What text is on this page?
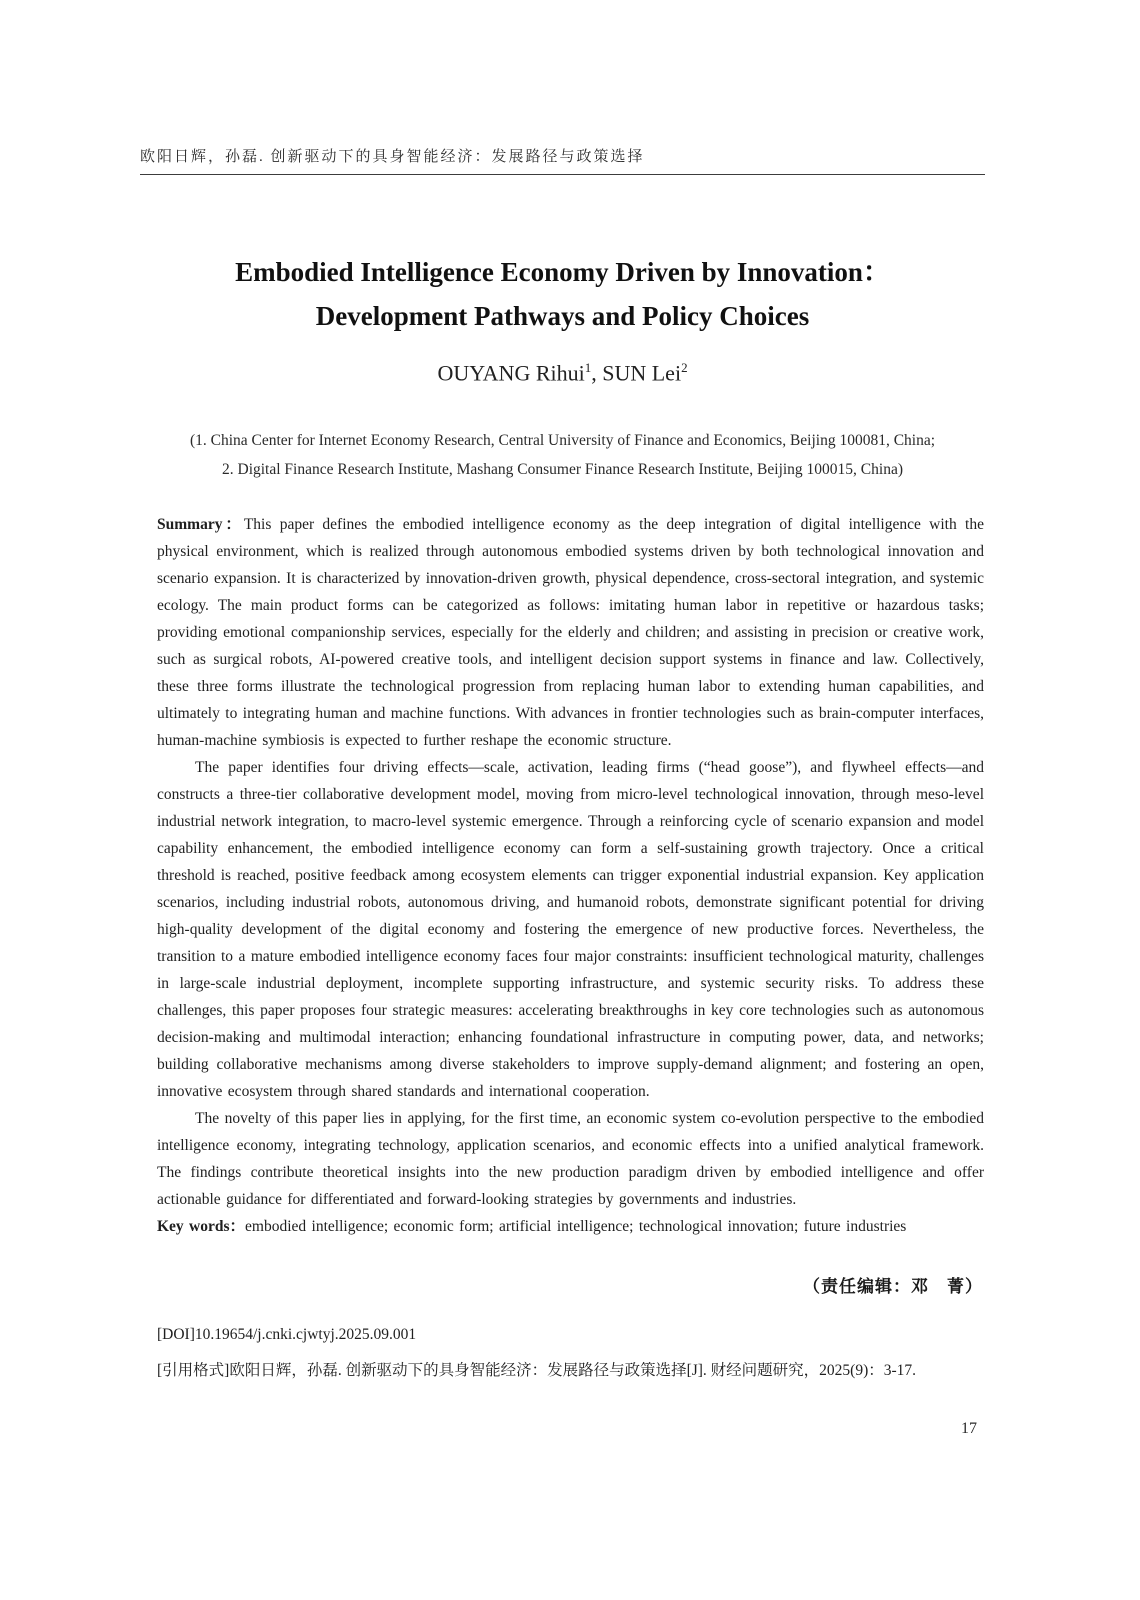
欧阳日辉，孙磊. 创新驱动下的具身智能经济：发展路径与政策选择
Embodied Intelligence Economy Driven by Innovation：
Development Pathways and Policy Choices
OUYANG Rihui$^1$, SUN Lei$^2$
(1. China Center for Internet Economy Research, Central University of Finance and Economics, Beijing 100081, China;
2. Digital Finance Research Institute, Mashang Consumer Finance Research Institute, Beijing 100015, China)

Summary：This paper defines the embodied intelligence economy as the deep integration of digital intelligence with the physical environment, which is realized through autonomous embodied systems driven by both technological innovation and scenario expansion. It is characterized by innovation-driven growth, physical dependence, cross-sectoral integration, and systemic ecology. The main product forms can be categorized as follows: imitating human labor in repetitive or hazardous tasks; providing emotional companionship services, especially for the elderly and children; and assisting in precision or creative work, such as surgical robots, AI-powered creative tools, and intelligent decision support systems in finance and law. Collectively, these three forms illustrate the technological progression from replacing human labor to extending human capabilities, and ultimately to integrating human and machine functions. With advances in frontier technologies such as brain-computer interfaces, human-machine symbiosis is expected to further reshape the economic structure.

The paper identifies four driving effects—scale, activation, leading firms (“head goose”), and flywheel effects—and constructs a three-tier collaborative development model, moving from micro-level technological innovation, through meso-level industrial network integration, to macro-level systemic emergence. Through a reinforcing cycle of scenario expansion and model capability enhancement, the embodied intelligence economy can form a self-sustaining growth trajectory. Once a critical threshold is reached, positive feedback among ecosystem elements can trigger exponential industrial expansion. Key application scenarios, including industrial robots, autonomous driving, and humanoid robots, demonstrate significant potential for driving high-quality development of the digital economy and fostering the emergence of new productive forces. Nevertheless, the transition to a mature embodied intelligence economy faces four major constraints: insufficient technological maturity, challenges in large-scale industrial deployment, incomplete supporting infrastructure, and systemic security risks. To address these challenges, this paper proposes four strategic measures: accelerating breakthroughs in key core technologies such as autonomous decision-making and multimodal interaction; enhancing foundational infrastructure in computing power, data, and networks; building collaborative mechanisms among diverse stakeholders to improve supply-demand alignment; and fostering an open, innovative ecosystem through shared standards and international cooperation.

The novelty of this paper lies in applying, for the first time, an economic system co-evolution perspective to the embodied intelligence economy, integrating technology, application scenarios, and economic effects into a unified analytical framework. The findings contribute theoretical insights into the new production paradigm driven by embodied intelligence and offer actionable guidance for differentiated and forward-looking strategies by governments and industries.

Key words：embodied intelligence; economic form; artificial intelligence; technological innovation; future industries

（责任编辑：邓　菁）
[DOI]10.19654/j.cnki.cjwtyj.2025.09.001
[引用格式]欧阳日辉，孙磊. 创新驱动下的具身智能经济：发展路径与政策选择[J]. 财经问题研究，2025(9)：3-17.
17
